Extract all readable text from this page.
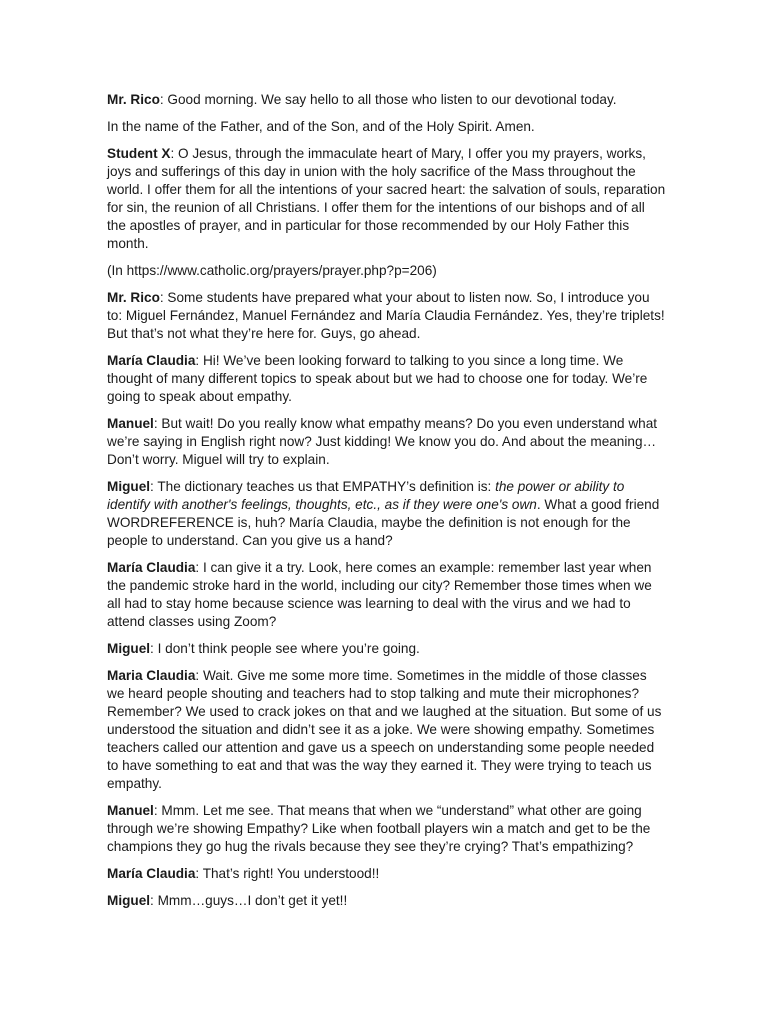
Mr. Rico: Good morning. We say hello to all those who listen to our devotional today.

In the name of the Father, and of the Son, and of the Holy Spirit. Amen.

Student X: O Jesus, through the immaculate heart of Mary, I offer you my prayers, works, joys and sufferings of this day in union with the holy sacrifice of the Mass throughout the world. I offer them for all the intentions of your sacred heart: the salvation of souls, reparation for sin, the reunion of all Christians. I offer them for the intentions of our bishops and of all the apostles of prayer, and in particular for those recommended by our Holy Father this month.

(In https://www.catholic.org/prayers/prayer.php?p=206)

Mr. Rico: Some students have prepared what your about to listen now. So, I introduce you to: Miguel Fernández, Manuel Fernández and María Claudia Fernández. Yes, they’re triplets! But that’s not what they’re here for. Guys, go ahead.

María Claudia: Hi! We’ve been looking forward to talking to you since a long time. We thought of many different topics to speak about but we had to choose one for today. We’re going to speak about empathy.

Manuel: But wait! Do you really know what empathy means? Do you even understand what we’re saying in English right now? Just kidding! We know you do. And about the meaning…Don’t worry. Miguel will try to explain.

Miguel: The dictionary teaches us that EMPATHY’s definition is: the power or ability to identify with another's feelings, thoughts, etc., as if they were one's own. What a good friend WORDREFERENCE is, huh? María Claudia, maybe the definition is not enough for the people to understand. Can you give us a hand?

María Claudia: I can give it a try. Look, here comes an example: remember last year when the pandemic stroke hard in the world, including our city? Remember those times when we all had to stay home because science was learning to deal with the virus and we had to attend classes using Zoom?

Miguel: I don’t think people see where you’re going.

Maria Claudia: Wait. Give me some more time. Sometimes in the middle of those classes we heard people shouting and teachers had to stop talking and mute their microphones? Remember? We used to crack jokes on that and we laughed at the situation. But some of us understood the situation and didn’t see it as a joke. We were showing empathy. Sometimes teachers called our attention and gave us a speech on understanding some people needed to have something to eat and that was the way they earned it. They were trying to teach us empathy.

Manuel: Mmm. Let me see. That means that when we “understand” what other are going through we’re showing Empathy? Like when football players win a match and get to be the champions they go hug the rivals because they see they’re crying? That’s empathizing?

María Claudia: That’s right! You understood!!

Miguel: Mmm…guys…I don’t get it yet!!
